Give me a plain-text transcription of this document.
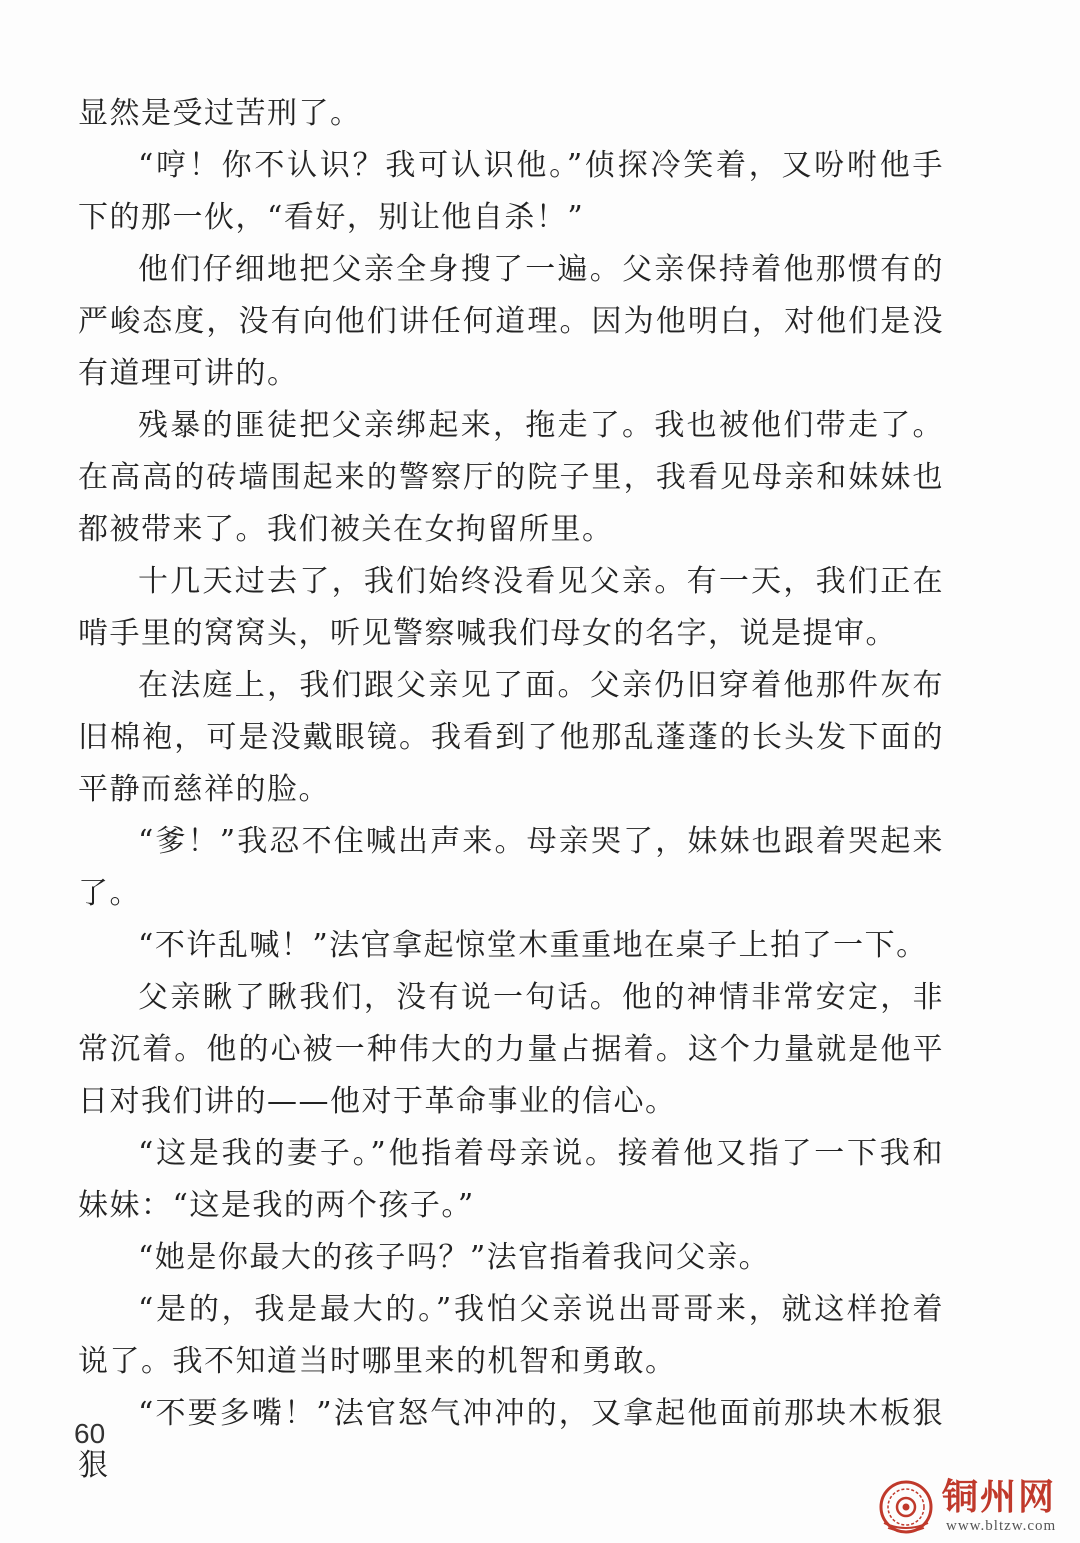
显然是受过苦刑了。

“哼！你不认识？我可认识他。”侦探冷笑着，又吩咐他手下的那一伙，“看好，别让他自杀！”

他们仔细地把父亲全身搜了一遍。父亲保持着他那惯有的严峻态度，没有向他们讲任何道理。因为他明白，对他们是没有道理可讲的。

残暴的匪徒把父亲绑起来，拖走了。我也被他们带走了。在高高的砖墙围起来的警察厅的院子里，我看见母亲和妹妹也都被带来了。我们被关在女拘留所里。

十几天过去了，我们始终没看见父亲。有一天，我们正在啃手里的窝窝头，听见警察喊我们母女的名字，说是提审。

在法庭上，我们跟父亲见了面。父亲仍旧穿着他那件灰布旧棉袍，可是没戴眼镜。我看到了他那乱蓬蓬的长头发下面的平静而慈祥的脸。

“爹！”我忍不住喊出声来。母亲哭了，妹妹也跟着哭起来了。

“不许乱喊！”法官拿起惊堂木重重地在桌子上拍了一下。

父亲瞅了瞅我们，没有说一句话。他的神情非常安定，非常沉着。他的心被一种伟大的力量占据着。这个力量就是他平日对我们讲的——他对于革命事业的信心。

“这是我的妻子。”他指着母亲说。接着他又指了一下我和妹妹：“这是我的两个孩子。”

“她是你最大的孩子吗？”法官指着我问父亲。

“是的，我是最大的。”我怕父亲说出哥哥来，就这样抢着说了。我不知道当时哪里来的机智和勇敢。

“不要多嘴！”法官怒气冲冲的，又拿起他面前那块木板狠狠

60
铜州网
www.bltzw.com
